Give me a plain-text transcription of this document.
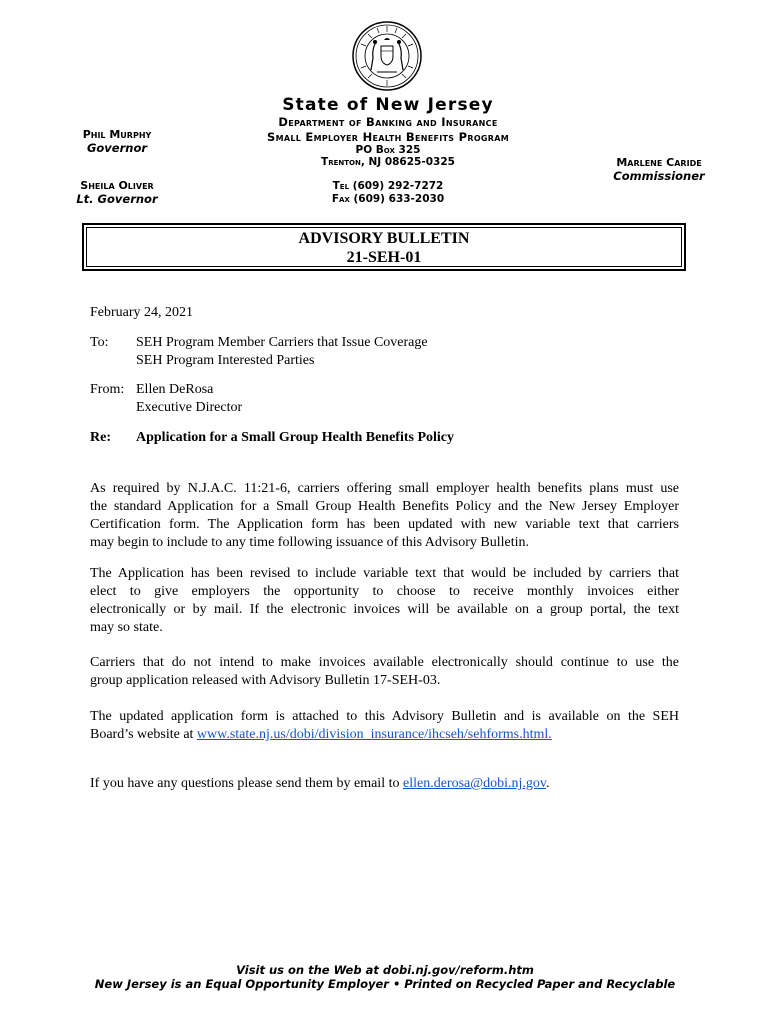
State of New Jersey
Department of Banking and Insurance
Small Employer Health Benefits Program
PO Box 325
Trenton, NJ 08625-0325
Tel (609) 292-7272
Fax (609) 633-2030
Phil Murphy
Governor
Sheila Oliver
Lt. Governor
Marlene Caride
Commissioner
ADVISORY BULLETIN
21-SEH-01
February 24, 2021
To: SEH Program Member Carriers that Issue Coverage
SEH Program Interested Parties
From: Ellen DeRosa
Executive Director
Re: Application for a Small Group Health Benefits Policy
As required by N.J.A.C. 11:21-6, carriers offering small employer health benefits plans must use
the standard Application for a Small Group Health Benefits Policy and the New Jersey Employer
Certification form. The Application form has been updated with new variable text that carriers
may begin to include to any time following issuance of this Advisory Bulletin.
The Application has been revised to include variable text that would be included by carriers that
elect to give employers the opportunity to choose to receive monthly invoices either
electronically or by mail. If the electronic invoices will be available on a group portal, the text
may so state.
Carriers that do not intend to make invoices available electronically should continue to use the
group application released with Advisory Bulletin 17-SEH-03.
The updated application form is attached to this Advisory Bulletin and is available on the SEH
Board’s website at www.state.nj.us/dobi/division_insurance/ihcseh/sehforms.html.
If you have any questions please send them by email to ellen.derosa@dobi.nj.gov.
Visit us on the Web at dobi.nj.gov/reform.htm
New Jersey is an Equal Opportunity Employer • Printed on Recycled Paper and Recyclable
